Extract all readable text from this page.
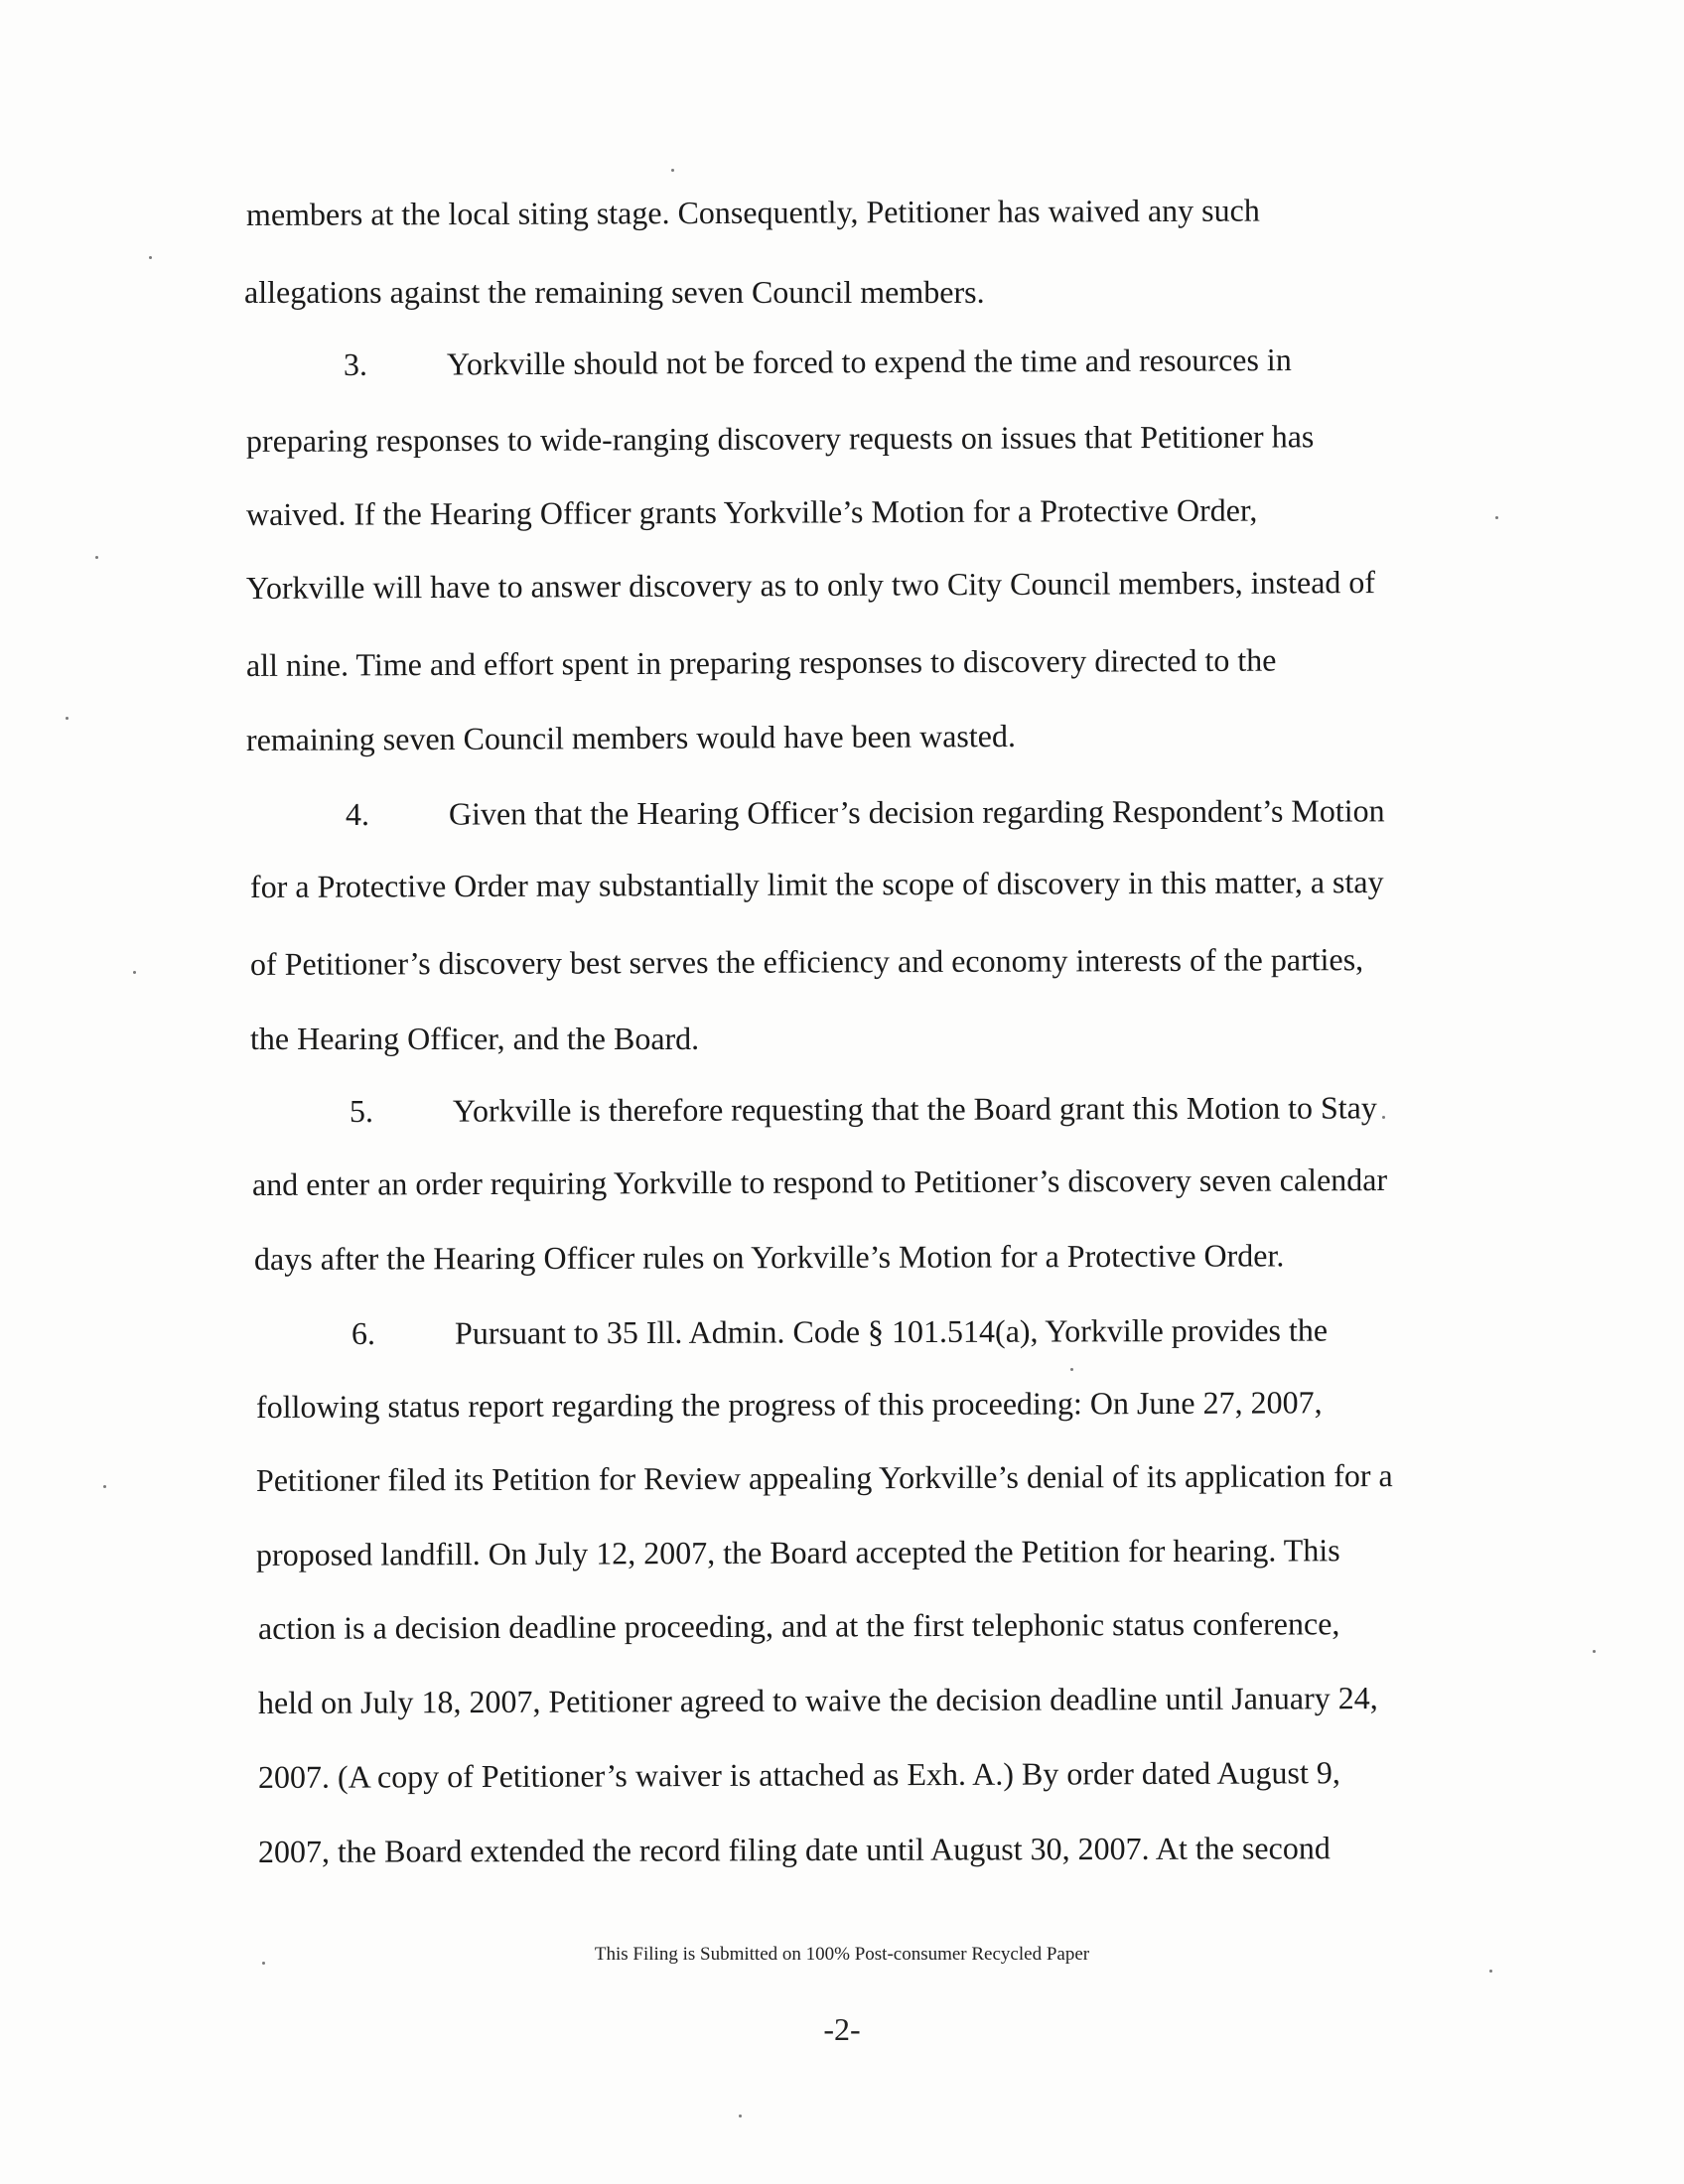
members at the local siting stage. Consequently, Petitioner has waived any such
allegations against the remaining seven Council members.
3. Yorkville should not be forced to expend the time and resources in
preparing responses to wide-ranging discovery requests on issues that Petitioner has
waived. If the Hearing Officer grants Yorkville’s Motion for a Protective Order,
Yorkville will have to answer discovery as to only two City Council members, instead of
all nine. Time and effort spent in preparing responses to discovery directed to the
remaining seven Council members would have been wasted.
4. Given that the Hearing Officer’s decision regarding Respondent’s Motion
for a Protective Order may substantially limit the scope of discovery in this matter, a stay
of Petitioner’s discovery best serves the efficiency and economy interests of the parties,
the Hearing Officer, and the Board.
5. Yorkville is therefore requesting that the Board grant this Motion to Stay
and enter an order requiring Yorkville to respond to Petitioner’s discovery seven calendar
days after the Hearing Officer rules on Yorkville’s Motion for a Protective Order.
6. Pursuant to 35 Ill. Admin. Code § 101.514(a), Yorkville provides the
following status report regarding the progress of this proceeding: On June 27, 2007,
Petitioner filed its Petition for Review appealing Yorkville’s denial of its application for a
proposed landfill. On July 12, 2007, the Board accepted the Petition for hearing. This
action is a decision deadline proceeding, and at the first telephonic status conference,
held on July 18, 2007, Petitioner agreed to waive the decision deadline until January 24,
2007. (A copy of Petitioner’s waiver is attached as Exh. A.) By order dated August 9,
2007, the Board extended the record filing date until August 30, 2007. At the second
This Filing is Submitted on 100% Post-consumer Recycled Paper
-2-
